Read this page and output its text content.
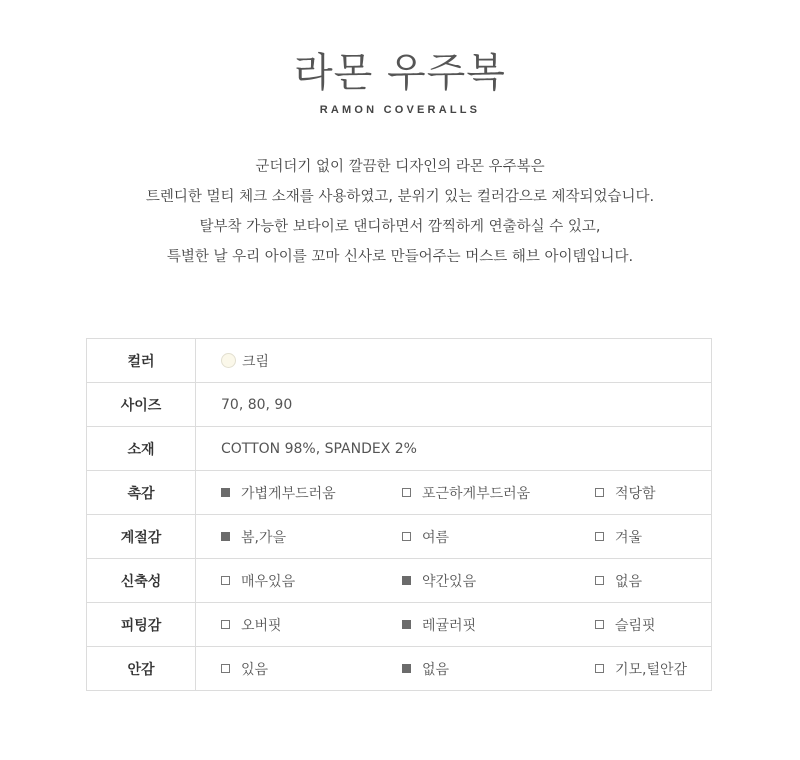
라몬 우주복
RAMON COVERALLS
군더더기 없이 깔끔한 디자인의 라몬 우주복은
트렌디한 멀티 체크 소재를 사용하였고, 분위기 있는 컬러감으로 제작되었습니다.
탈부착 가능한 보타이로 댄디하면서 깜찍하게 연출하실 수 있고,
특별한 날 우리 아이를 꼬마 신사로 만들어주는 머스트 해브 아이템입니다.
컬러	크림
사이즈	70, 80, 90
소재	COTTON 98%, SPANDEX 2%
촉감	가볍게부드러움 포근하게부드러움 적당함

계절감	봄,가을 여름 겨울

신축성	매우있음 약간있음 없음

피팅감	오버핏 레귤러핏 슬림핏

안감	있음 없음 기모,털안감
